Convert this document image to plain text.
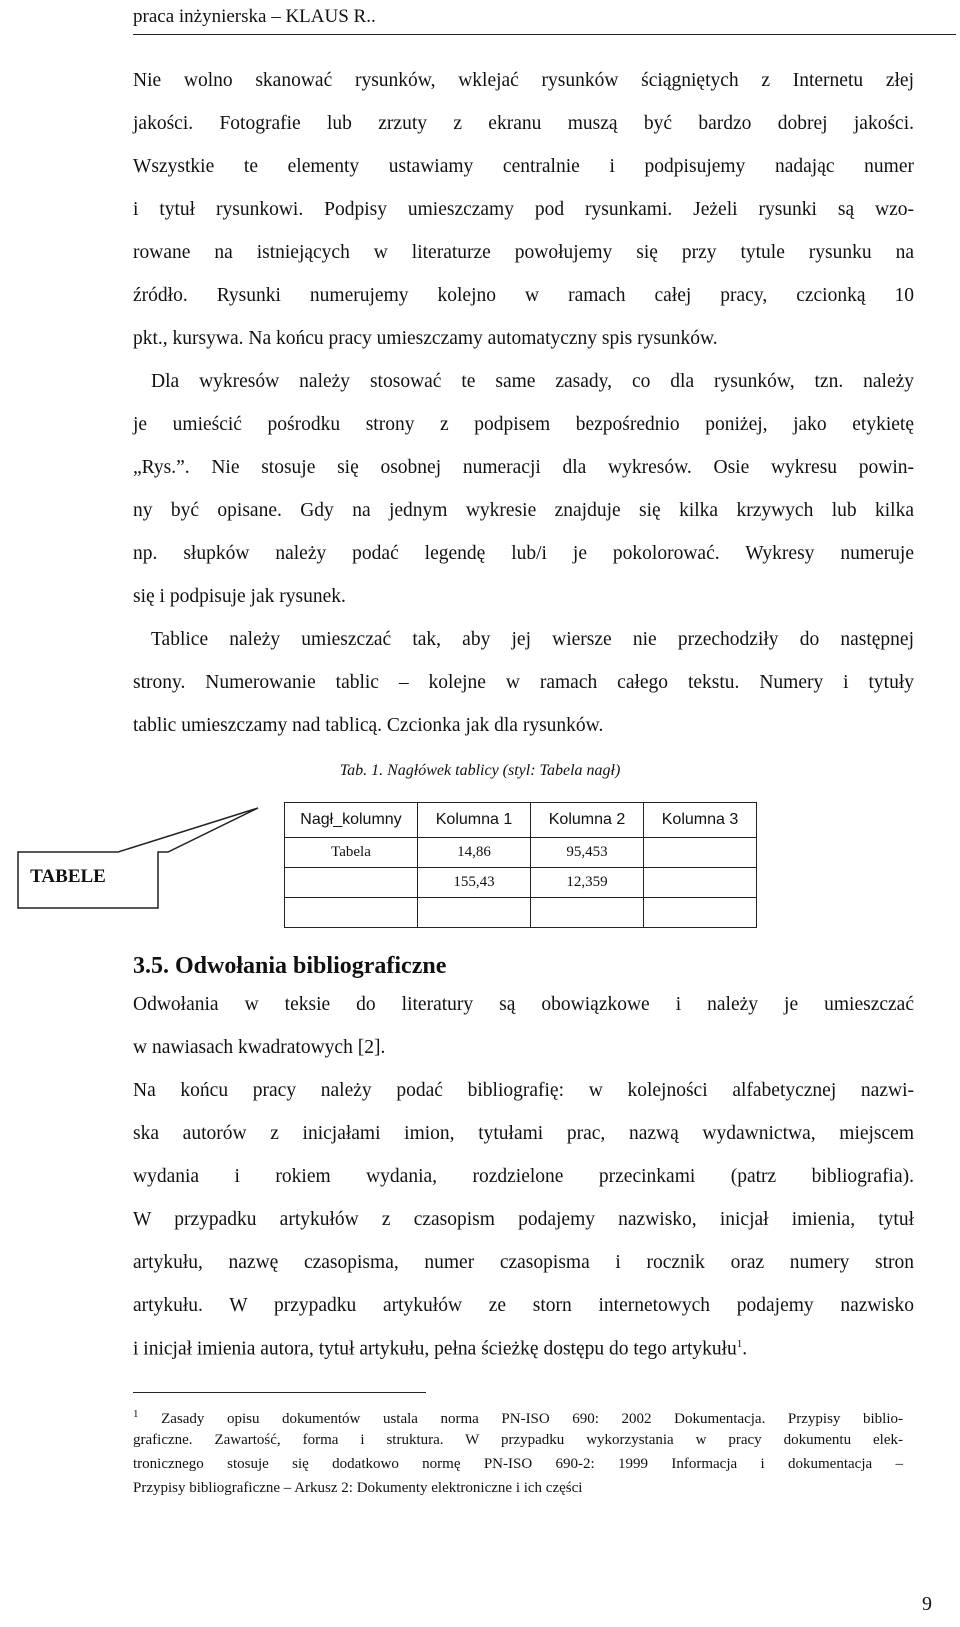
praca inżynierska – KLAUS R..
Nie wolno skanować rysunków, wklejać rysunków ściągniętych z Internetu złej
jakości. Fotografie lub zrzuty z ekranu muszą być bardzo dobrej jakości.
Wszystkie te elementy ustawiamy centralnie i podpisujemy nadając numer
i tytuł rysunkowi. Podpisy umieszczamy pod rysunkami. Jeżeli rysunki są wzo-
rowane na istniejących w literaturze powołujemy się przy tytule rysunku na
źródło. Rysunki numerujemy kolejno w ramach całej pracy, czcionką 10
pkt., kursywa. Na końcu pracy umieszczamy automatyczny spis rysunków.
Dla wykresów należy stosować te same zasady, co dla rysunków, tzn. należy
je umieścić pośrodku strony z podpisem bezpośrednio poniżej, jako etykietę
„Rys.”. Nie stosuje się osobnej numeracji dla wykresów. Osie wykresu powin-
ny być opisane. Gdy na jednym wykresie znajduje się kilka krzywych lub kilka
np. słupków należy podać legendę lub/i je pokolorować. Wykresy numeruje
się i podpisuje jak rysunek.
Tablice należy umieszczać tak, aby jej wiersze nie przechodziły do następnej
strony. Numerowanie tablic – kolejne w ramach całego tekstu. Numery i tytuły
tablic umieszczamy nad tablicą. Czcionka jak dla rysunków.
Tab. 1. Nagłówek tablicy (styl: Tabela nagł)
Nagł_kolumny	Kolumna 1	Kolumna 2	Kolumna 3
Tabela	14,86	95,453	
	155,43	12,359	

TABELE
3.5. Odwołania bibliograficzne
Odwołania w teksie do literatury są obowiązkowe i należy je umieszczać
w nawiasach kwadratowych [2].
Na końcu pracy należy podać bibliografię: w kolejności alfabetycznej nazwi-
ska autorów z inicjałami imion, tytułami prac, nazwą wydawnictwa, miejscem
wydania i rokiem wydania, rozdzielone przecinkami (patrz bibliografia).
W przypadku artykułów z czasopism podajemy nazwisko, inicjał imienia, tytuł
artykułu, nazwę czasopisma, numer czasopisma i rocznik oraz numery stron
artykułu. W przypadku artykułów ze storn internetowych podajemy nazwisko
i inicjał imienia autora, tytuł artykułu, pełna ścieżkę dostępu do tego artykułu$^1$.
$^1$ Zasady opisu dokumentów ustala norma PN-ISO 690: 2002 Dokumentacja. Przypisy biblio-
graficzne. Zawartość, forma i struktura. W przypadku wykorzystania w pracy dokumentu elek-
tronicznego stosuje się dodatkowo normę PN-ISO 690-2: 1999 Informacja i dokumentacja –
Przypisy bibliograficzne – Arkusz 2: Dokumenty elektroniczne i ich części
9
